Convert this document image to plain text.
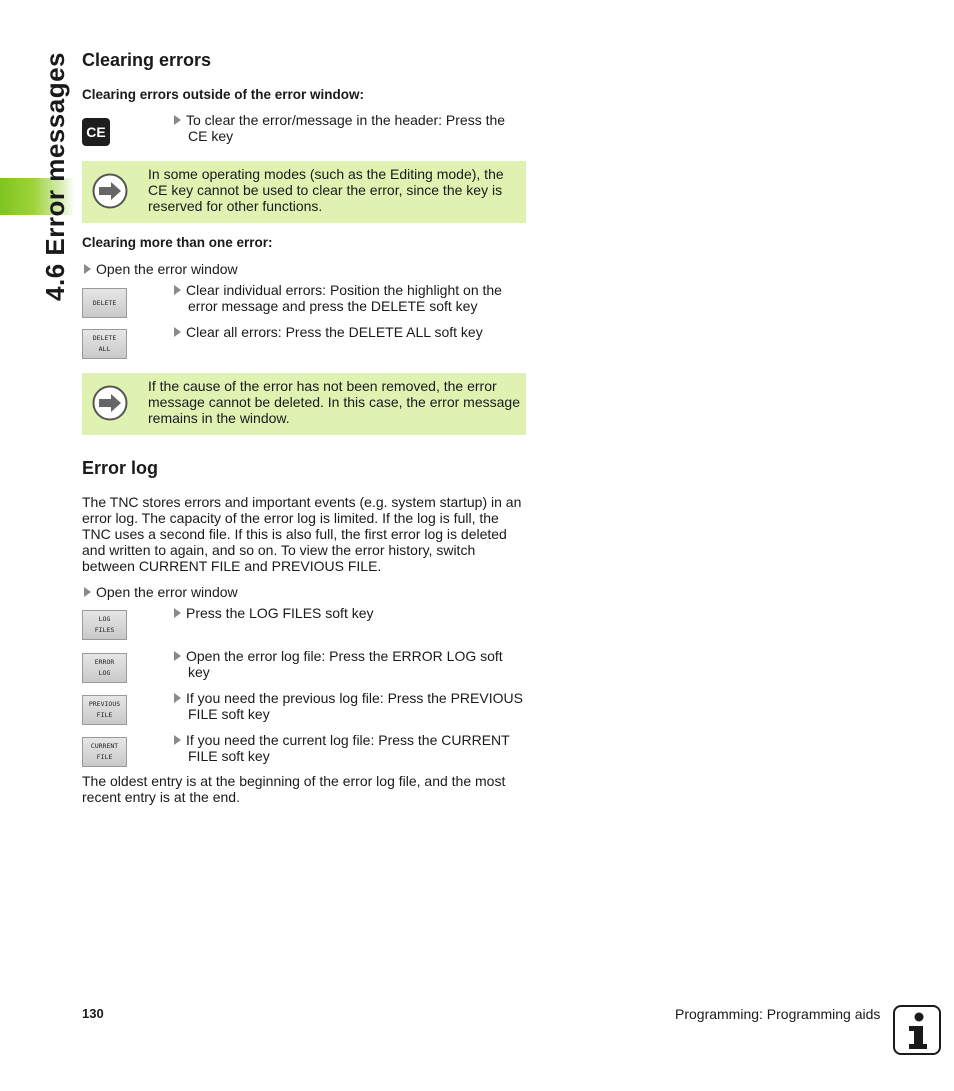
4.6 Error messages Clearing errors
Clearing errors outside of the error window:
CE
To clear the error/message in the header: Press the
CE key
In some operating modes (such as the Editing mode), the CE key cannot be used to clear the error, since the key is reserved for other functions.
Clearing more than one error:
Open the error window
DELETE
Clear individual errors: Position the highlight on the
error message and press the DELETE soft key
DELETE
ALL
Clear all errors: Press the DELETE ALL soft key
If the cause of the error has not been removed, the error message cannot be deleted. In this case, the error message remains in the window.
Error log
The TNC stores errors and important events (e.g. system startup) in an error log. The capacity of the error log is limited. If the log is full, the TNC uses a second file. If this is also full, the first error log is deleted and written to again, and so on. To view the error history, switch between CURRENT FILE and PREVIOUS FILE.
Open the error window
LOG
FILES
Press the LOG FILES soft key
ERROR
LOG
Open the error log file: Press the ERROR LOG soft
key
PREVIOUS
FILE
If you need the previous log file: Press the PREVIOUS
FILE soft key
CURRENT
FILE
If you need the current log file: Press the CURRENT
FILE soft key
The oldest entry is at the beginning of the error log file, and the most recent entry is at the end.
130	Programming: Programming aids
